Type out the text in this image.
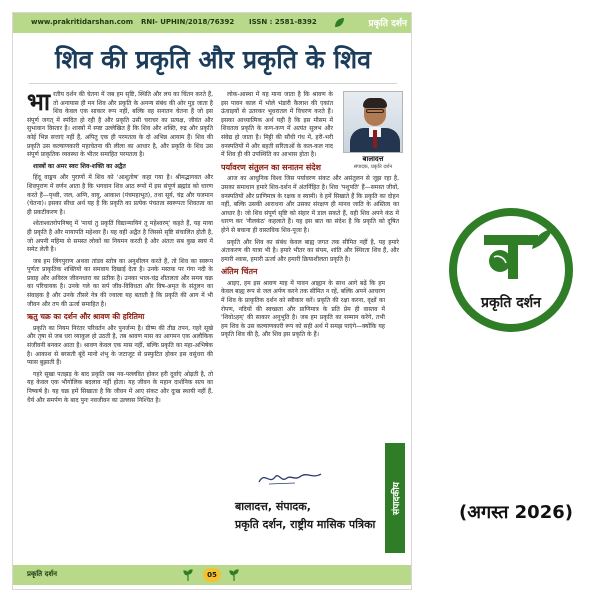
www.prakritidarshan.com RNI- UPHIN/2018/76392 ISSN : 2581-8392	प्रकृति दर्शन
शिव की प्रकृति और प्रकृति के शिव

भा रतीय दर्शन की चेतना में जब हम सृष्टि, स्थिति और लय का चिंतन करते हैं, तो अनायास ही मन शिव और प्रकृति के अनन्य संबंध की ओर मुड़ जाता है शिव केवल एक साकार रूप नहीं, बल्कि वह सनातन चेतना हैं जो इस संपूर्ण जगत् में स्पंदित हो रही है और प्रकृति उसी चराचर का प्रत्यक्ष, जीवंत और सुभावान विस्तार है। शास्त्रों में स्पष्ट उल्लेखित है कि शिव और शक्ति, रुद्र और प्रकृति कोई भिन्न सत्ताएं नहीं हैं, अपितु एक ही परमतत्व के दो अभिन्न आयाम हैं। शिव की प्रकृति उस कल्याणकारी महाचेतना की लीला का आधार है, और प्रकृति के शिव उस संपूर्ण प्राकृतिक व्यवस्था के भीतर समाहित परमतत्व है।

शास्त्रों का अमर स्वरः शिव-शक्ति का अद्वैत

हिंदू वाङ्मय और पुराणों में शिव को 'आशुतोष' कहा गया है। श्रीमद्भागवत और शिवपुराण में वर्णन आता है कि भगवान शिव आठ रूपों में इस संपूर्ण ब्रह्मांड को धारण करते हैं—पृथ्वी, जल, अग्नि, वायु, आकाश (पंचमहाभूत), तथा सूर्य, चंद्र और यजमान (चेतना)। इसका सीधा अर्थ यह है कि प्रकृति का प्रत्येक पंचतत्व स्वरूपतः शिवतत्व का ही प्रकटीकरण है।

श्वेताश्वतरोपनिषद् में 'मायां तु प्रकृतिं विद्यान्मायिनं तु महेश्वरम्' कहते हैं, यह माया ही प्रकृति है और मायापति महेश्वर हैं। यह वही अद्वैत है जिससे सृष्टि संचालित होती है, जो अपनी महिमा से समस्त लोकों का नियमन करती है और अंततः सब कुछ स्वयं में समेट लेती है।

जब हम लिंगपुराण अथवा तांडव स्तोत्र का अनुशीलन करते हैं, तो शिव का स्वरूप पूर्णतः प्राकृतिक शक्तियों का समवाय दिखाई देता है। उनके मस्तक पर गंगा नदी के प्रवाह और अविरल जीवनधारा का प्रतीक है। उनका भाल-चंद्र शीतलता और समय चक्र का परिचायक है। उनके गले का सर्प जीव-विविधता और विष-अमृत के संतुलन का संवाहक है और उनके तीसरे नेत्र की ज्वाला यह बताती है कि प्रकृति की आग में भी जीवन और तप की ऊर्जा समाहित है।

ऋतु चक्र का दर्शन और श्रावण की हरितिमा

प्रकृति का नियम निरंतर परिवर्तन और पुनर्जन्म है। ग्रीष्म की तीव्र तपन, गहरे सूखे और तृषा से जब धरा व्याकुल हो उठती है, तब श्रावण मास का आगमन एक अलौकिक संजीवनी बनकर आता है। श्रावण केवल एक मास नहीं, बल्कि प्रकृति का महा-अभिषेक है। आकाश से बरसती बूंदें मानो शंभु के जटाजूट से प्रस्फुटित होकर इस वसुंधरा की प्यास बुझाती हैं।

गहरे सूखा पतझड़ के बाद प्रकृति जब नव-पल्लवित होकर हरी दूर्वाएं ओढ़ती है, तो यह केवल एक भौगोलिक बदलाव नहीं होता। यह जीवन के महान दार्शनिक सत्य का निष्कर्ष है। यह चक्र हमें सिखाता है कि जीवन में आए संकट और दुःख स्थायी नहीं हैं, धैर्य और समर्पण के बाद पुनः नवजीवन का उल्लास निश्चित है।

लोक-आस्था में यह माना जाता है कि श्रावण के इस पावन काल में भोले भंडारी कैलाश की एकांत ऊंचाइयों से उतरकर भूधरातल में विचरण करते हैं। इसका आध्यात्मिक अर्थ यही है कि इस मौसम में शिवतत्व प्रकृति के कण-कण में अत्यंत सुलभ और संवेद्य हो जाता है। मिट्टी की सौंधी गंध में, हरी-भरी वनस्पतियों में और बहती सरिताओं के कल-कल नाद में शिव ही की उपस्थिति का आभास होता है।

पर्यावरण संतुलन का सनातन संदेश

आज का आधुनिक विश्व जिस पर्यावरण संकट और असंतुलन से जूझ रहा है, उसका समाधान हमारे शिव-दर्शन में अंतर्निहित है। शिव 'पशुपति' हैं—समस्त जीवों, वनस्पतियों और प्राणिमात्र के रक्षक व स्वामी। वे हमें सिखाते हैं कि प्रकृति का दोहन नहीं, बल्कि उसकी आराधना और उसका संरक्षण ही मानव जाति के अस्तित्व का आधार है। जो शिव संपूर्ण सृष्टि को संहार में डाल सकते हैं, वही शिव अपने कंठ में धारण कर 'नीलकंठ' कहलाते हैं। यह इस बात का संदेश है कि प्रकृति को दूषित होने से बचाना ही वास्तविक शिव-पूजा है।

प्रकृति और शिव का संबंध केवल बाह्य जगत तक सीमित नहीं है, यह हमारे अंतःकरण की यात्रा भी है। हमारे भीतर का संयम, शांति और स्थिरता शिव हैं, और हमारी श्वास, हमारी ऊर्जा और हमारी क्रियाशीलता प्रकृति है।

अंतिम चिंतन

आइए, हम इस श्रावण माह में पावन आह्वान के साथ आगे बढ़ें कि हम केवल बाह्य रूप से जल अर्पण करने तक सीमित न रहें, बल्कि अपने आचरण में शिव के प्राकृतिक दर्शन को स्वीकार करें। प्रकृति की रक्षा करना, वृक्षों का रोपण, नदियों की स्वच्छता और प्राणिमात्र के प्रति प्रेम ही वास्तव में 'शिवोऽहम्' की साकार अनुभूति है। जब हम प्रकृति का सम्मान करेंगे, तभी हम शिव के उस कल्याणकारी रूप को सही अर्थ में समझ पाएंगे—क्योंकि यह प्रकृति शिव की है, और शिव इस प्रकृति के हैं।

बालादत्त
संपादक, प्रकृति दर्शन
संपादकीय
बालादत्त, संपादक,
प्रकृति दर्शन, राष्ट्रीय मासिक पत्रिका
प्रकृति दर्शन	05
प्रकृति दर्शन
(अगस्त 2026)
